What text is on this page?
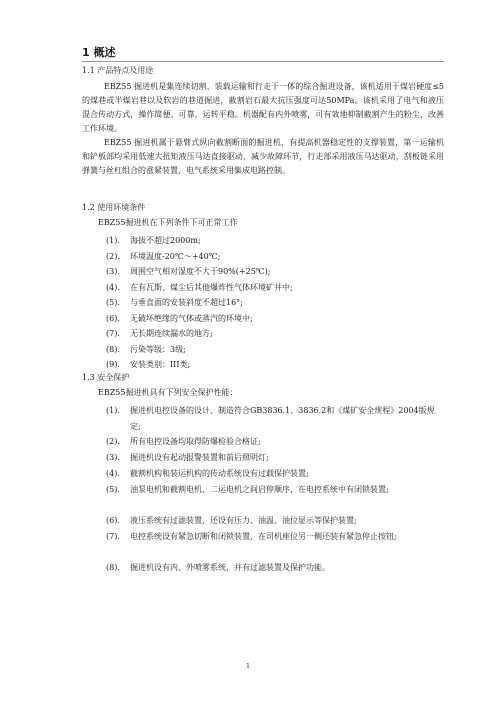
1 概述
1.1 产品特点及用途

EBZ55 掘进机是集连续切割、装载运输和行走于一体的综合掘进设备，该机适用于煤岩硬度≤5的煤巷或半煤岩巷以及软岩的巷道掘进，截割岩石最大抗压强度可达50MPa。该机采用了电气和液压混合传动方式，操作简便、可靠，运转平稳。机器配有内外喷雾，可有效地抑制截割产生的粉尘，改善工作环境。

EBZ55 掘进机属于悬臂式纵向截割断面的掘进机，有提高机器稳定性的支撑装置，第一运输机和铲板部均采用低速大扭矩液压马达直接驱动，减少故障环节，行走部采用液压马达驱动，刮板链采用弹簧与丝杠组合的涨紧装置，电气系统采用集成电路控制。

1.2 使用环境条件
EBZ55掘进机在下列条件下可正常工作
(1).	海拔不超过2000m;
(2).	环境温度-20℃～+40℃;
(3).	周围空气相对湿度不大于90%(+25℃);
(4).	在有瓦斯、煤尘后其他爆炸性气体环境矿井中;
(5).	与垂直面的安装斜度不超过16°;
(6).	无破坏绝缘的气体或蒸汽的环境中;
(7).	无长期连续漏水的地方;
(8).	污染等级：3级;
(9).	安装类别：III类;
1.3 安全保护
EBZ55掘进机具有下列安全保护性能：
(1).	掘进机电控设备的设计、制造符合GB3836.1、3836.2和《煤矿安全规程》2004版规定;
(2).	所有电控设备均取得防爆检验合格证;
(3).	掘进机设有起动报警装置和前后照明灯;
(4).	截割机构和装运机构的传动系统设有过载保护装置;
(5).	油泵电机和截割电机、二运电机之间启停顺序，在电控系统中有闭锁装置;
(6).	液压系统有过滤装置，还设有压力、油温、油位显示等保护装置;
(7).	电控系统设有紧急切断和闭锁装置，在司机座位另一侧还装有紧急停止按钮;
(8).	掘进机设有内、外喷雾系统，并有过滤装置及保护功能。
1
